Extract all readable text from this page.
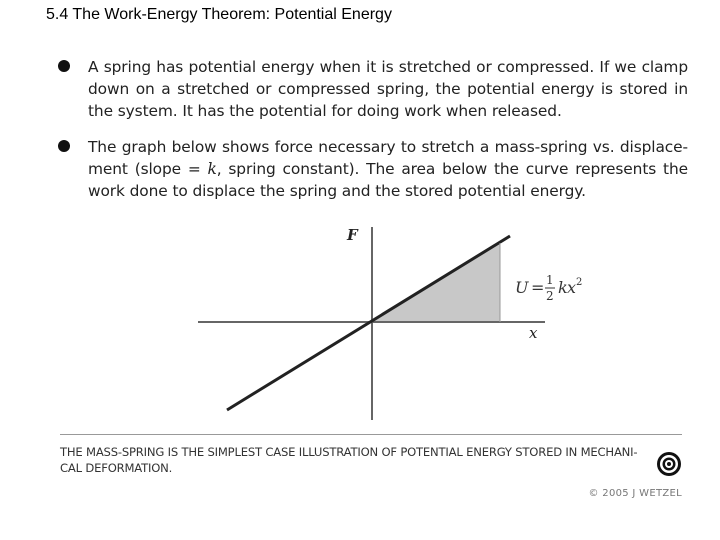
5.4 The Work-Energy Theorem: Potential Energy
A spring has potential energy when it is stretched or compressed. If we clamp down on a stretched or compressed spring, the potential energy is stored in the system. It has the potential for doing work when released.
The graph below shows force necessary to stretch a mass-spring vs. displace- ment (slope = k, spring constant). The area below the curve represents the work done to displace the spring and the stored potential energy.
F
x
U = 1
2 k x 2
THE MASS-SPRING IS THE SIMPLEST CASE ILLUSTRATION OF POTENTIAL ENERGY STORED IN MECHANI- CAL DEFORMATION.
© 2005 J WETZEL
